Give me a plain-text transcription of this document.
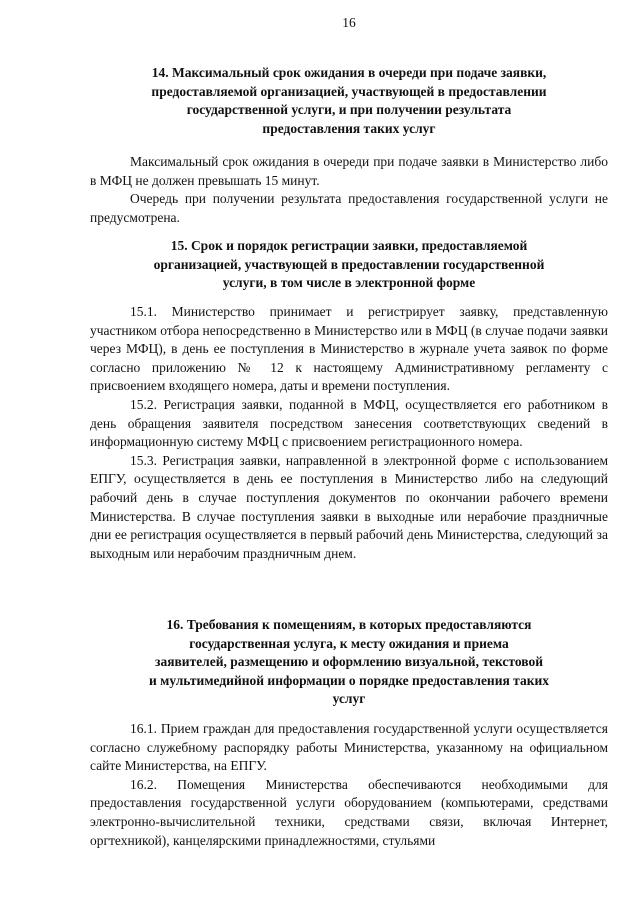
16
14. Максимальный срок ожидания в очереди при подаче заявки,
предоставляемой организацией, участвующей в предоставлении
государственной услуги, и при получении результата
предоставления таких услуг

Максимальный срок ожидания в очереди при подаче заявки в Министерство либо в МФЦ не должен превышать 15 минут.

Очередь при получении результата предоставления государственной услуги не предусмотрена.

15. Срок и порядок регистрации заявки, предоставляемой
организацией, участвующей в предоставлении государственной
услуги, в том числе в электронной форме

15.1. Министерство принимает и регистрирует заявку, представленную участником отбора непосредственно в Министерство или в МФЦ (в случае подачи заявки через МФЦ), в день ее поступления в Министерство в журнале учета заявок по форме согласно приложению № 12 к настоящему Административному регламенту с присвоением входящего номера, даты и времени поступления.

15.2. Регистрация заявки, поданной в МФЦ, осуществляется его работником в день обращения заявителя посредством занесения соответствующих сведений в информационную систему МФЦ с присвоением регистрационного номера.

15.3. Регистрация заявки, направленной в электронной форме с использованием ЕПГУ, осуществляется в день ее поступления в Министерство либо на следующий рабочий день в случае поступления документов по окончании рабочего времени Министерства. В случае поступления заявки в выходные или нерабочие праздничные дни ее регистрация осуществляется в первый рабочий день Министерства, следующий за выходным или нерабочим праздничным днем.

16. Требования к помещениям, в которых предоставляются
государственная услуга, к месту ожидания и приема
заявителей, размещению и оформлению визуальной, текстовой
и мультимедийной информации о порядке предоставления таких
услуг

16.1. Прием граждан для предоставления государственной услуги осуществляется согласно служебному распорядку работы Министерства, указанному на официальном сайте Министерства, на ЕПГУ.

16.2. Помещения Министерства обеспечиваются необходимыми для предоставления государственной услуги оборудованием (компьютерами, средствами электронно-вычислительной техники, средствами связи, включая Интернет, оргтехникой), канцелярскими принадлежностями, стульями
